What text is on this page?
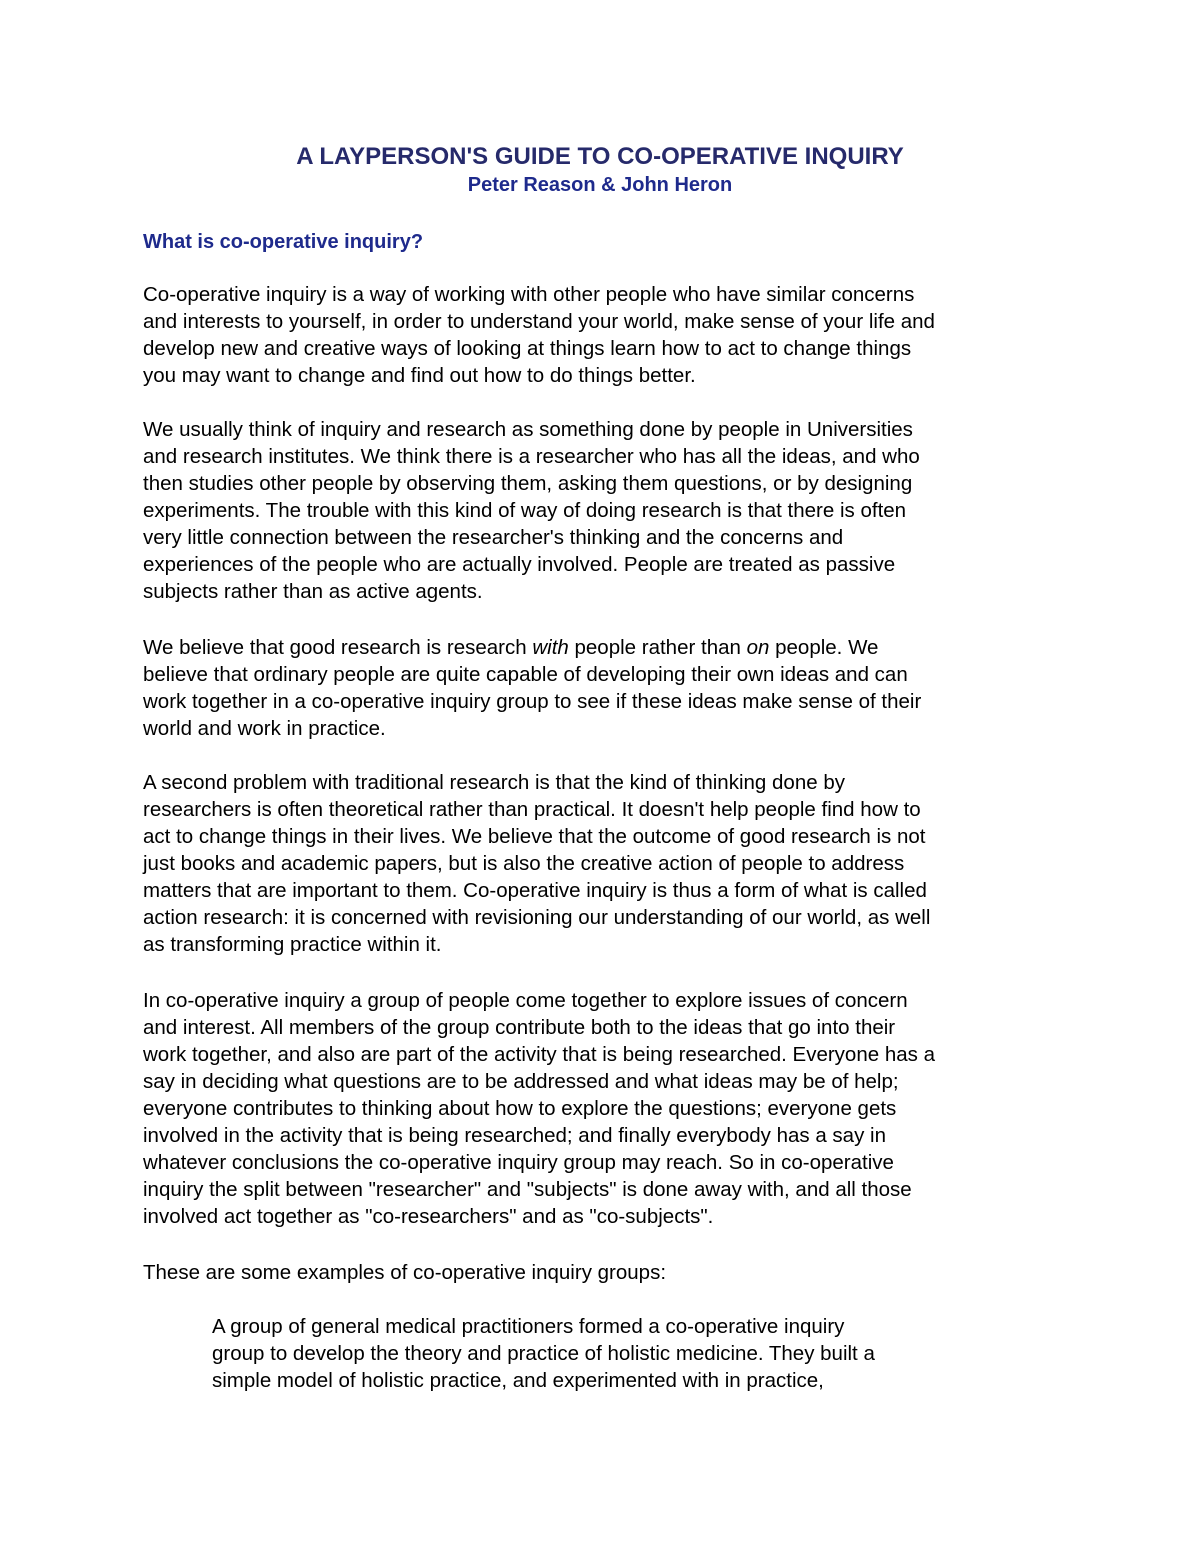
A LAYPERSON'S GUIDE TO CO-OPERATIVE INQUIRY

Peter Reason & John Heron

What is co-operative inquiry?

Co-operative inquiry is a way of working with other people who have similar concerns
and interests to yourself, in order to understand your world, make sense of your life and
develop new and creative ways of looking at things learn how to act to change things
you may want to change and find out how to do things better.

We usually think of inquiry and research as something done by people in Universities
and research institutes. We think there is a researcher who has all the ideas, and who
then studies other people by observing them, asking them questions, or by designing
experiments. The trouble with this kind of way of doing research is that there is often
very little connection between the researcher's thinking and the concerns and
experiences of the people who are actually involved. People are treated as passive
subjects rather than as active agents.

We believe that good research is research with people rather than on people. We
believe that ordinary people are quite capable of developing their own ideas and can
work together in a co-operative inquiry group to see if these ideas make sense of their
world and work in practice.

A second problem with traditional research is that the kind of thinking done by
researchers is often theoretical rather than practical. It doesn't help people find how to
act to change things in their lives. We believe that the outcome of good research is not
just books and academic papers, but is also the creative action of people to address
matters that are important to them. Co-operative inquiry is thus a form of what is called
action research: it is concerned with revisioning our understanding of our world, as well
as transforming practice within it.

In co-operative inquiry a group of people come together to explore issues of concern
and interest. All members of the group contribute both to the ideas that go into their
work together, and also are part of the activity that is being researched. Everyone has a
say in deciding what questions are to be addressed and what ideas may be of help;
everyone contributes to thinking about how to explore the questions; everyone gets
involved in the activity that is being researched; and finally everybody has a say in
whatever conclusions the co-operative inquiry group may reach. So in co-operative
inquiry the split between "researcher" and "subjects" is done away with, and all those
involved act together as "co-researchers" and as "co-subjects".

These are some examples of co-operative inquiry groups:

A group of general medical practitioners formed a co-operative inquiry
group to develop the theory and practice of holistic medicine. They built a
simple model of holistic practice, and experimented with in practice,
